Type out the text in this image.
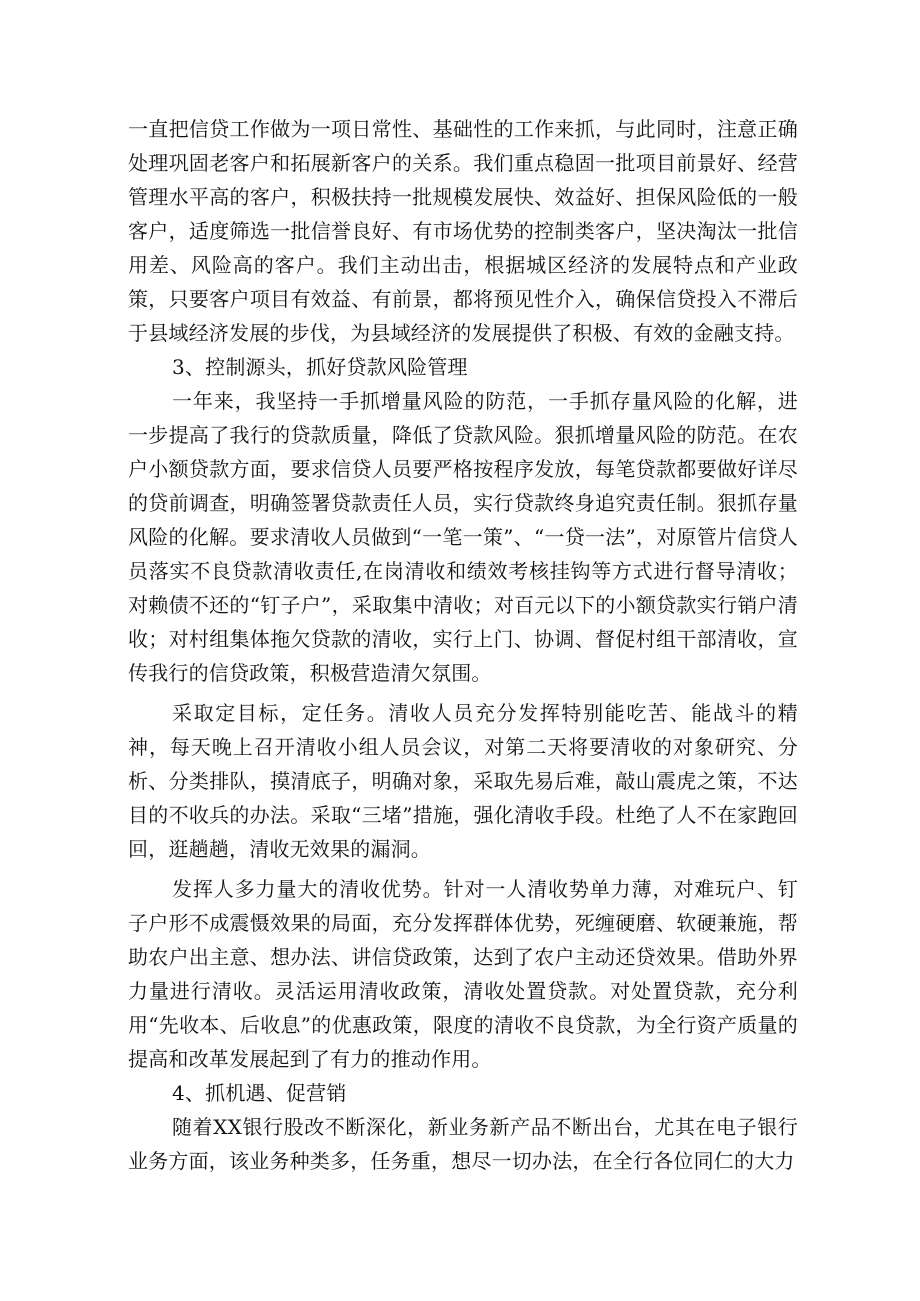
一直把信贷工作做为一项日常性、基础性的工作来抓，与此同时，注意正确处理巩固老客户和拓展新客户的关系。我们重点稳固一批项目前景好、经营管理水平高的客户，积极扶持一批规模发展快、效益好、担保风险低的一般客户，适度筛选一批信誉良好、有市场优势的控制类客户，坚决淘汰一批信用差、风险高的客户。我们主动出击，根据城区经济的发展特点和产业政策，只要客户项目有效益、有前景，都将预见性介入，确保信贷投入不滞后于县域经济发展的步伐，为县域经济的发展提供了积极、有效的金融支持。

3、控制源头，抓好贷款风险管理

一年来，我坚持一手抓增量风险的防范，一手抓存量风险的化解，进一步提高了我行的贷款质量，降低了贷款风险。狠抓增量风险的防范。在农户小额贷款方面，要求信贷人员要严格按程序发放，每笔贷款都要做好详尽的贷前调查，明确签署贷款责任人员，实行贷款终身追究责任制。狠抓存量风险的化解。要求清收人员做到“一笔一策”、“一贷一法”，对原管片信贷人员落实不良贷款清收责任,在岗清收和绩效考核挂钩等方式进行督导清收；对赖债不还的“钉子户”，采取集中清收；对百元以下的小额贷款实行销户清收；对村组集体拖欠贷款的清收，实行上门、协调、督促村组干部清收，宣传我行的信贷政策，积极营造清欠氛围。

采取定目标，定任务。清收人员充分发挥特别能吃苦、能战斗的精神，每天晚上召开清收小组人员会议，对第二天将要清收的对象研究、分析、分类排队，摸清底子，明确对象，采取先易后难，敲山震虎之策，不达目的不收兵的办法。采取“三堵”措施，强化清收手段。杜绝了人不在家跑回回，逛趟趟，清收无效果的漏洞。

发挥人多力量大的清收优势。针对一人清收势单力薄，对难玩户、钉子户形不成震慑效果的局面，充分发挥群体优势，死缠硬磨、软硬兼施，帮助农户出主意、想办法、讲信贷政策，达到了农户主动还贷效果。借助外界力量进行清收。灵活运用清收政策，清收处置贷款。对处置贷款，充分利用“先收本、后收息”的优惠政策，限度的清收不良贷款，为全行资产质量的提高和改革发展起到了有力的推动作用。

4、抓机遇、促营销

随着XX银行股改不断深化，新业务新产品不断出台，尤其在电子银行业务方面，该业务种类多，任务重，想尽一切办法，在全行各位同仁的大力
